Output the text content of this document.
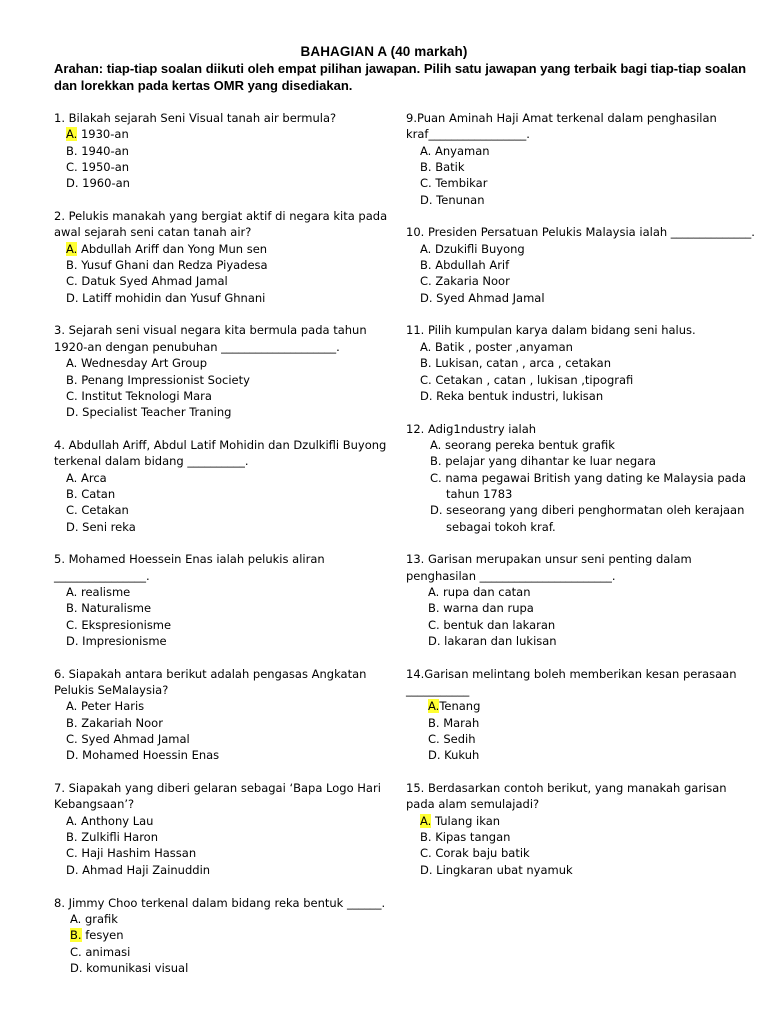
BAHAGIAN A (40 markah)
Arahan: tiap-tiap soalan diikuti oleh empat pilihan jawapan. Pilih satu jawapan yang terbaik bagi tiap-tiap soalan dan lorekkan pada kertas OMR yang disediakan.
1. Bilakah sejarah Seni Visual tanah air bermula?
A. 1930-an
B. 1940-an
C. 1950-an
D. 1960-an
2. Pelukis manakah yang bergiat aktif di negara kita pada awal sejarah seni catan tanah air?
A. Abdullah Ariff dan Yong Mun sen
B. Yusuf Ghani dan Redza Piyadesa
C. Datuk Syed Ahmad Jamal
D. Latiff mohidin dan Yusuf Ghnani
3. Sejarah seni visual negara kita bermula pada tahun 1920-an dengan penubuhan ____________________.
A. Wednesday Art Group
B. Penang Impressionist Society
C. Institut Teknologi Mara
D. Specialist Teacher Traning
4. Abdullah Ariff, Abdul Latif Mohidin dan Dzulkifli Buyong terkenal dalam bidang __________.
A. Arca
B. Catan
C. Cetakan
D. Seni reka
5. Mohamed Hoessein Enas ialah pelukis aliran ________________.
A. realisme
B. Naturalisme
C. Ekspresionisme
D. Impresionisme
6. Siapakah antara berikut adalah pengasas Angkatan Pelukis SeMalaysia?
A. Peter Haris
B. Zakariah Noor
C. Syed Ahmad Jamal
D. Mohamed Hoessin Enas
7. Siapakah yang diberi gelaran sebagai ‘Bapa Logo Hari Kebangsaan’?
A. Anthony Lau
B. Zulkifli Haron
C. Haji Hashim Hassan
D. Ahmad Haji Zainuddin
8. Jimmy Choo terkenal dalam bidang reka bentuk ______.
A. grafik
B. fesyen
C. animasi
D. komunikasi visual
9.Puan Aminah Haji Amat terkenal dalam penghasilan kraf_________________.
A. Anyaman
B. Batik
C. Tembikar
D. Tenunan
10. Presiden Persatuan Pelukis Malaysia ialah ______________.
A. Dzukifli Buyong
B. Abdullah Arif
C. Zakaria Noor
D. Syed Ahmad Jamal
11. Pilih kumpulan karya dalam bidang seni halus.
A. Batik , poster ,anyaman
B. Lukisan, catan , arca , cetakan
C. Cetakan , catan , lukisan ,tipografi
D. Reka bentuk industri, lukisan
12. Adig1ndustry ialah
A. seorang pereka bentuk grafik
B. pelajar yang dihantar ke luar negara
C. nama pegawai British yang dating ke Malaysia pada tahun 1783
D. seseorang yang diberi penghormatan oleh kerajaan sebagai tokoh kraf.
13. Garisan merupakan unsur seni penting dalam penghasilan _______________________.
A. rupa dan catan
B. warna dan rupa
C. bentuk dan lakaran
D. lakaran dan lukisan
14.Garisan melintang boleh memberikan kesan perasaan ___________
A.Tenang
B. Marah
C. Sedih
D. Kukuh
15. Berdasarkan contoh berikut, yang manakah garisan pada alam semulajadi?
A. Tulang ikan
B. Kipas tangan
C. Corak baju batik
D. Lingkaran ubat nyamuk
